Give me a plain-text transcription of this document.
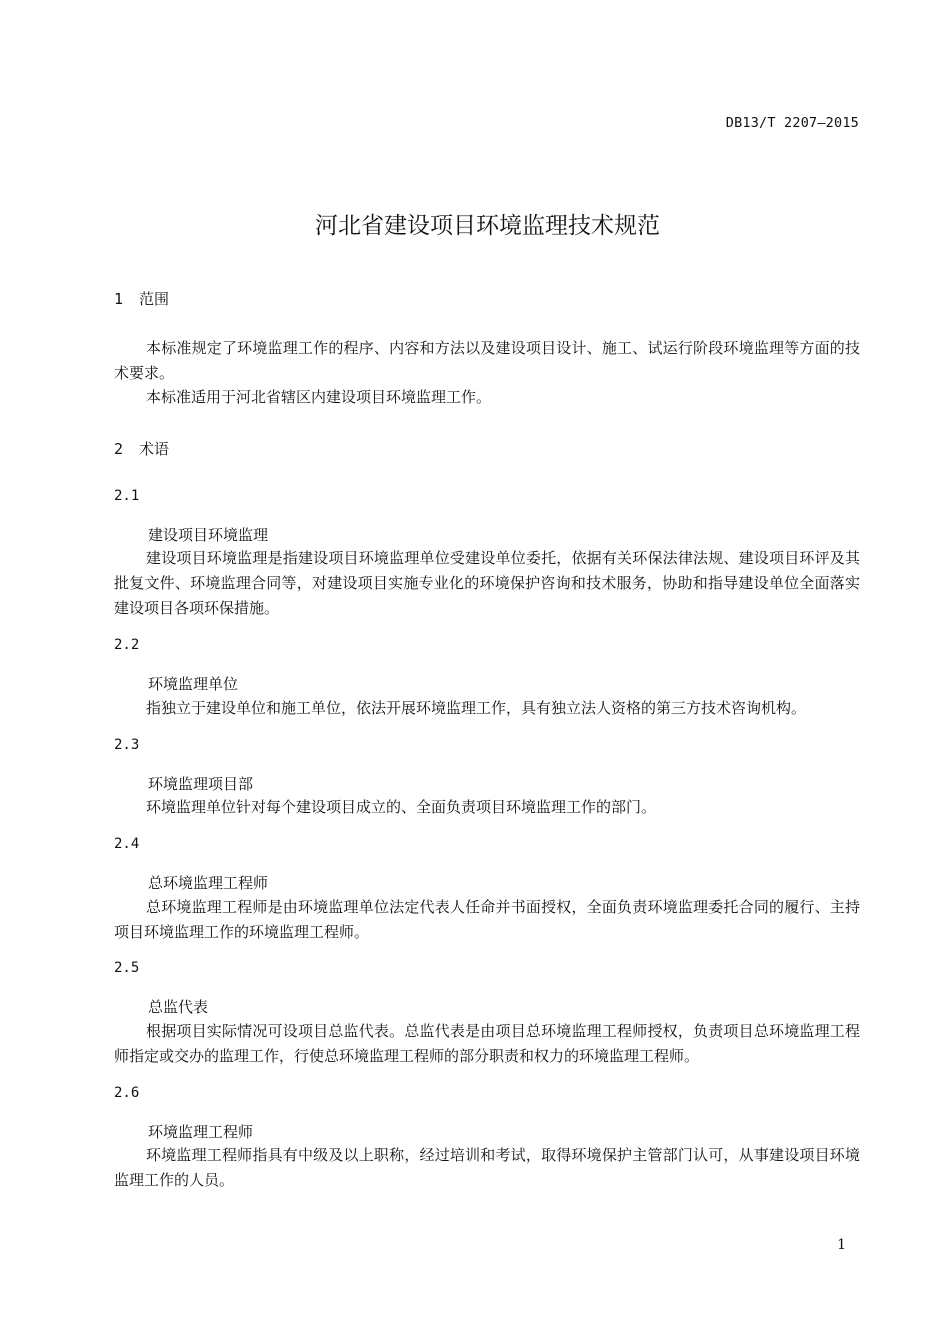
DB13/T 2207—2015
河北省建设项目环境监理技术规范
1 范围

本标准规定了环境监理工作的程序、内容和方法以及建设项目设计、施工、试运行阶段环境监理等方面的技术要求。

本标准适用于河北省辖区内建设项目环境监理工作。

2 术语
2.1
建设项目环境监理

建设项目环境监理是指建设项目环境监理单位受建设单位委托，依据有关环保法律法规、建设项目环评及其批复文件、环境监理合同等，对建设项目实施专业化的环境保护咨询和技术服务，协助和指导建设单位全面落实建设项目各项环保措施。

2.2
环境监理单位

指独立于建设单位和施工单位，依法开展环境监理工作，具有独立法人资格的第三方技术咨询机构。

2.3
环境监理项目部

环境监理单位针对每个建设项目成立的、全面负责项目环境监理工作的部门。

2.4
总环境监理工程师

总环境监理工程师是由环境监理单位法定代表人任命并书面授权，全面负责环境监理委托合同的履行、主持项目环境监理工作的环境监理工程师。

2.5
总监代表

根据项目实际情况可设项目总监代表。总监代表是由项目总环境监理工程师授权，负责项目总环境监理工程师指定或交办的监理工作，行使总环境监理工程师的部分职责和权力的环境监理工程师。

2.6
环境监理工程师

环境监理工程师指具有中级及以上职称，经过培训和考试，取得环境保护主管部门认可，从事建设项目环境监理工作的人员。

1
